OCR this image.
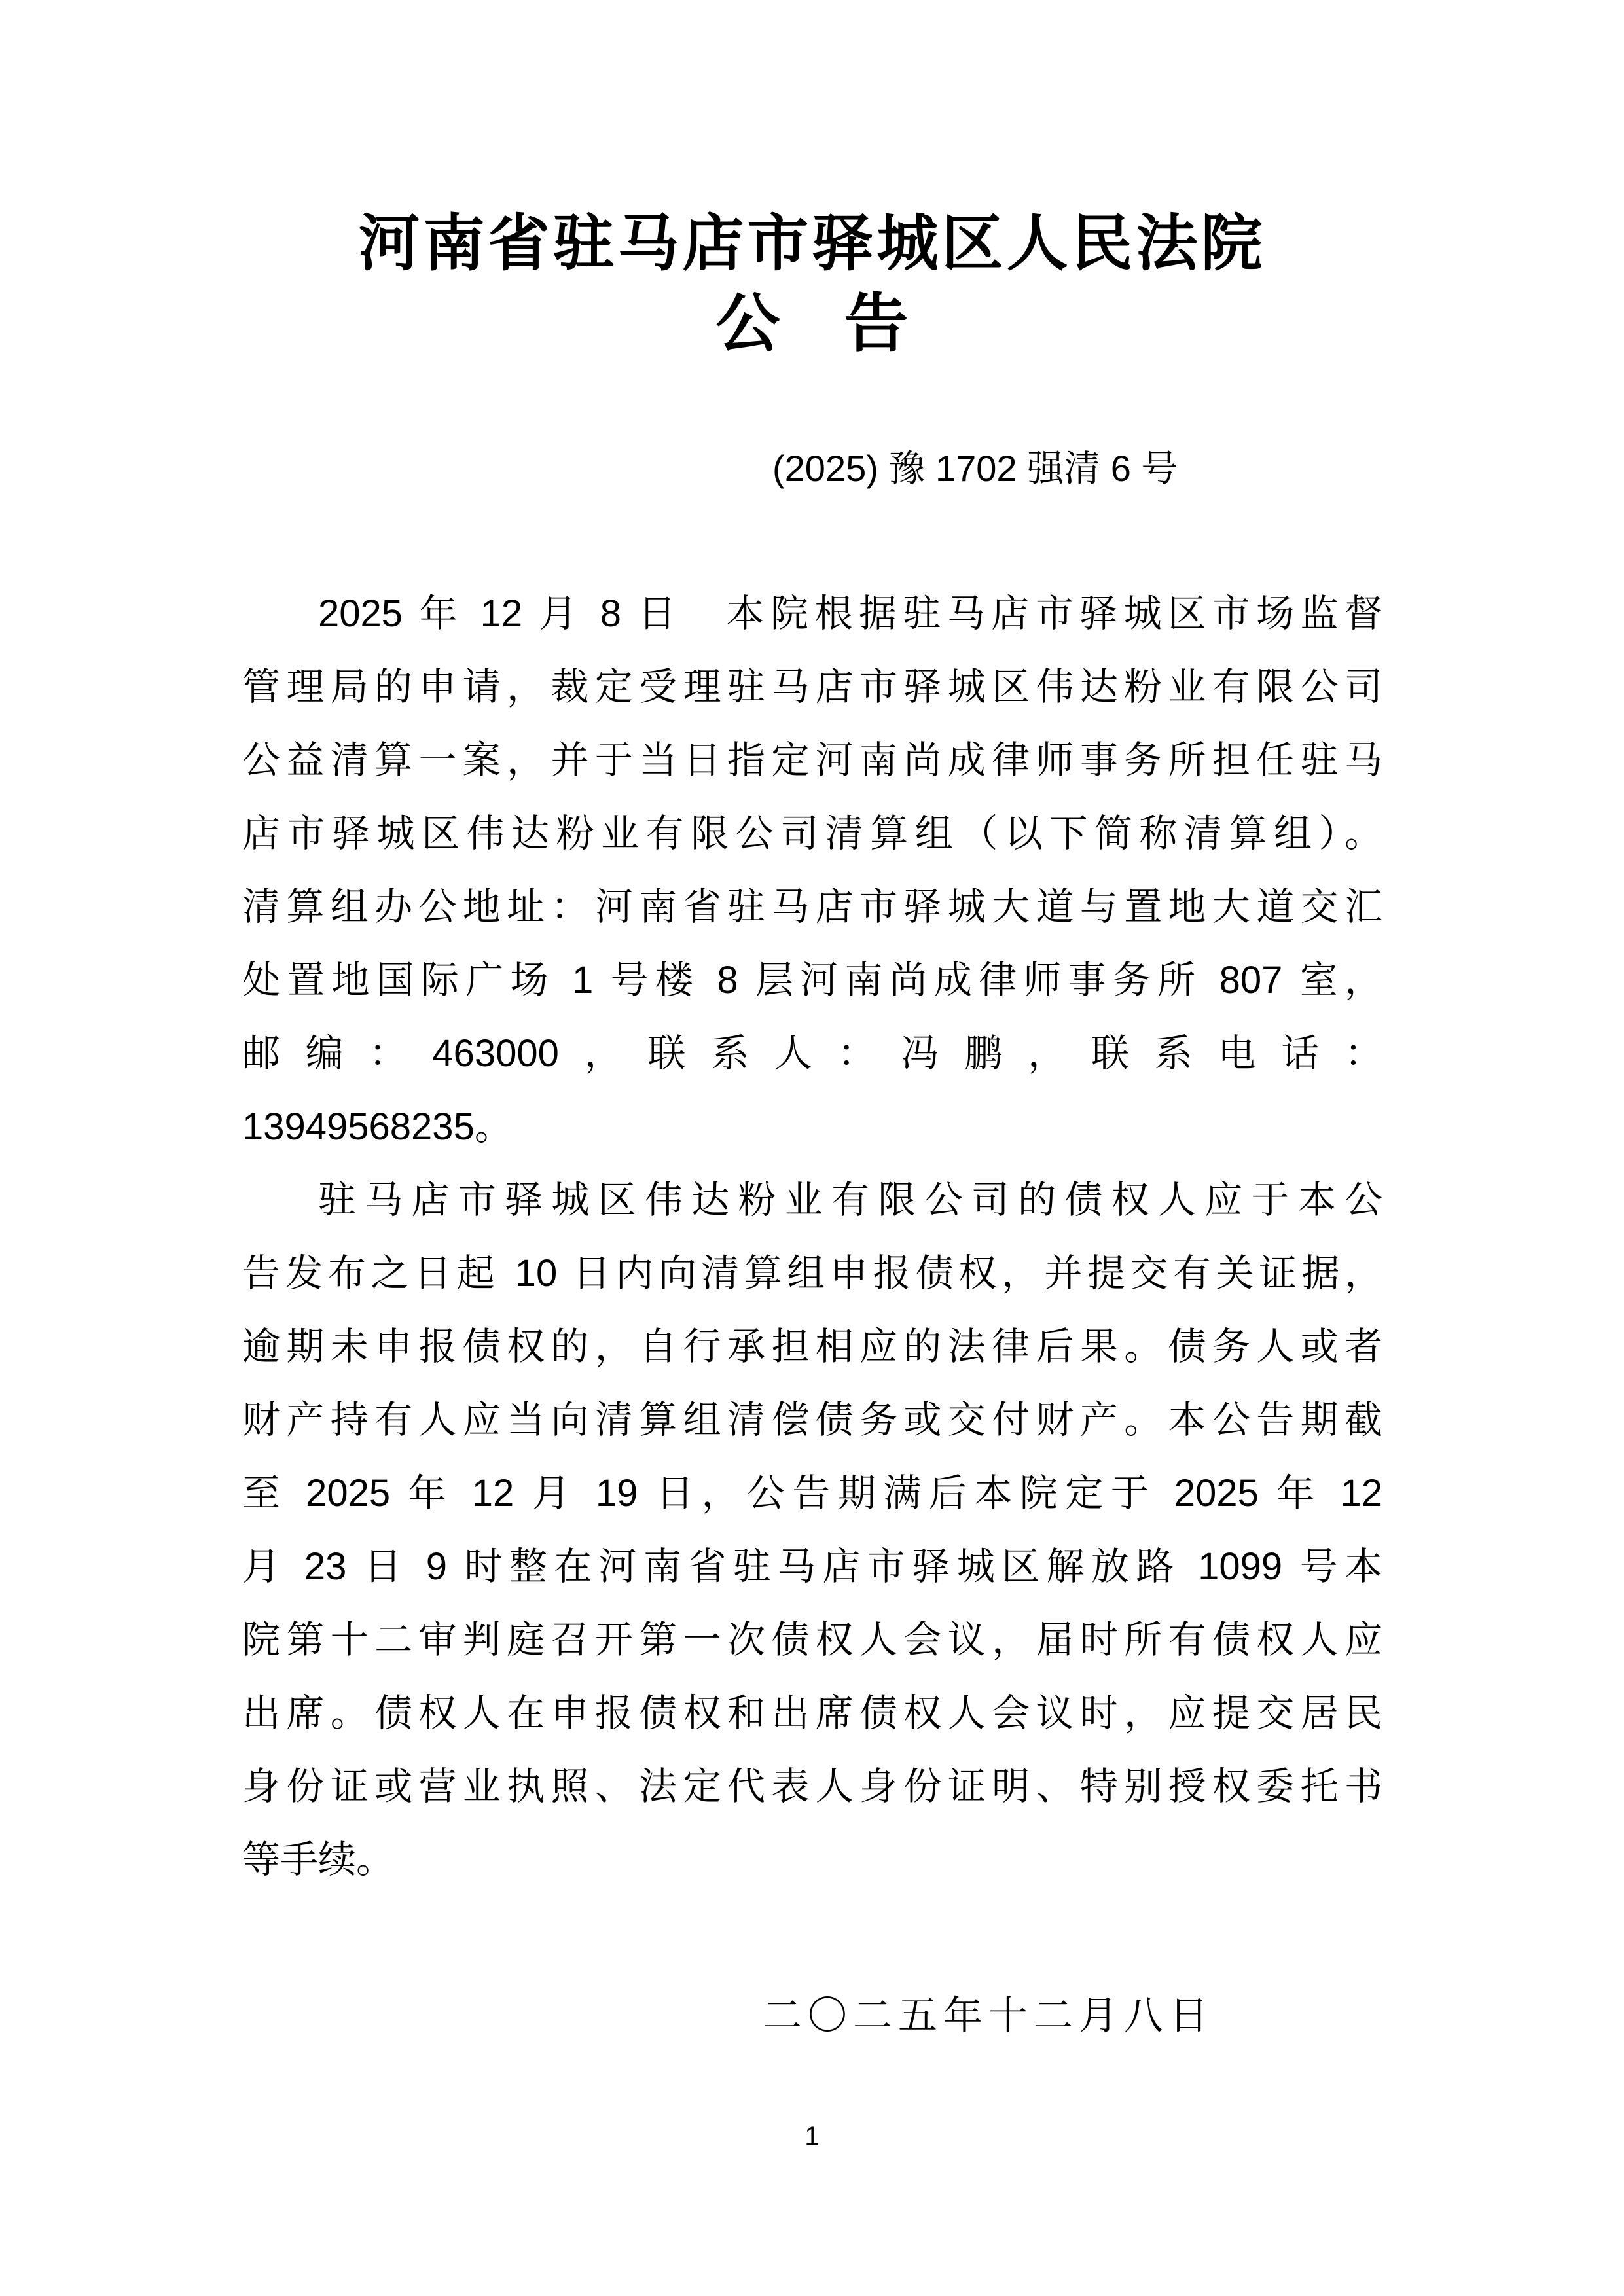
河南省驻马店市驿城区人民法院
公　告
(2025) 豫 1702 强清 6 号

2025 年 12 月 8 日　本院根据驻马店市驿城区市场监督

管理局的申请，裁定受理驻马店市驿城区伟达粉业有限公司

公益清算一案，并于当日指定河南尚成律师事务所担任驻马

店市驿城区伟达粉业有限公司清算组（以下简称清算组）。

清算组办公地址：河南省驻马店市驿城大道与置地大道交汇

处置地国际广场 1 号楼 8 层河南尚成律师事务所 807 室，

邮编：463000，联系人：冯鹏，联系电话：

13949568235。

驻马店市驿城区伟达粉业有限公司的债权人应于本公

告发布之日起 10 日内向清算组申报债权，并提交有关证据，

逾期未申报债权的，自行承担相应的法律后果。债务人或者

财产持有人应当向清算组清偿债务或交付财产。本公告期截

至 2025 年 12 月 19 日，公告期满后本院定于 2025 年 12

月 23 日 9 时整在河南省驻马店市驿城区解放路 1099 号本

院第十二审判庭召开第一次债权人会议，届时所有债权人应

出席。债权人在申报债权和出席债权人会议时，应提交居民

身份证或营业执照、法定代表人身份证明、特别授权委托书

等手续。

二〇二五年十二月八日
1
